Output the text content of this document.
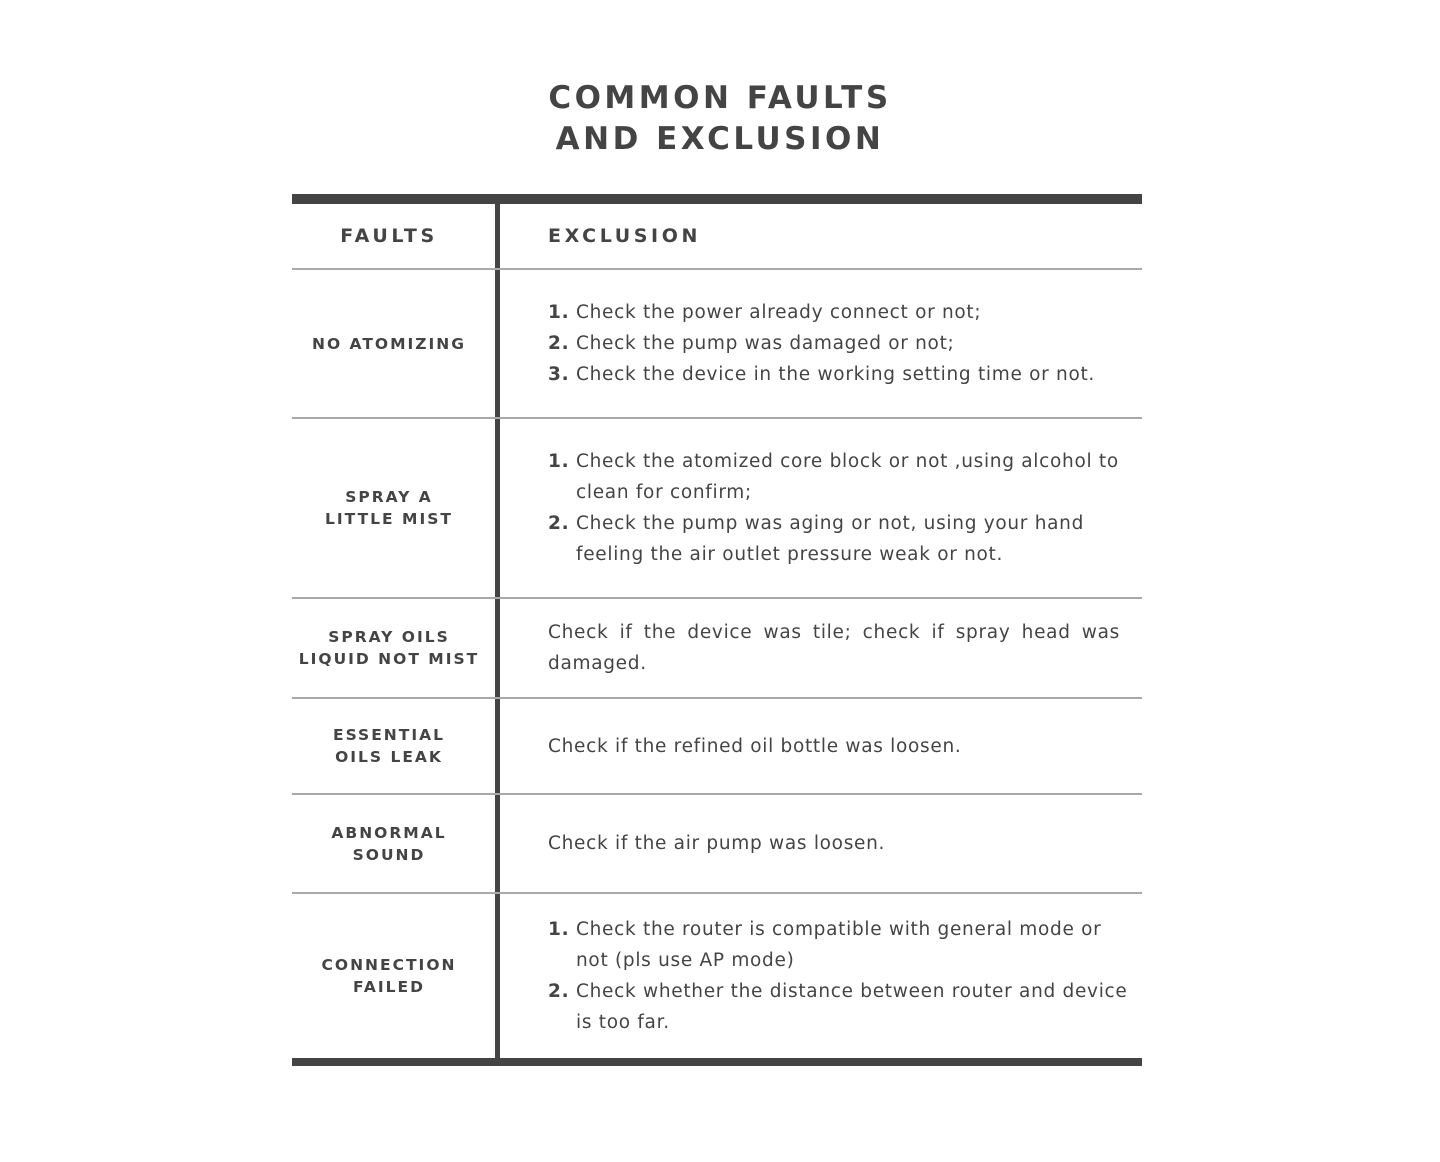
COMMON FAULTS
AND EXCLUSION
FAULTS	EXCLUSION
NO ATOMIZING
1. Check the power already connect or not;
2. Check the pump was damaged or not;
3. Check the device in the working setting time or not.
SPRAY A
LITTLE MIST
1. Check the atomized core block or not ,using alcohol to clean for confirm;
2. Check the pump was aging or not, using your hand feeling the air outlet pressure weak or not.
SPRAY OILS
LIQUID NOT MIST
Check if the device was tile; check if spray head was damaged.
ESSENTIAL
OILS LEAK
Check if the refined oil bottle was loosen.
ABNORMAL
SOUND
Check if the air pump was loosen.
CONNECTION
FAILED
1. Check the router is compatible with general mode or not (pls use AP mode)
2. Check whether the distance between router and device is too far.
